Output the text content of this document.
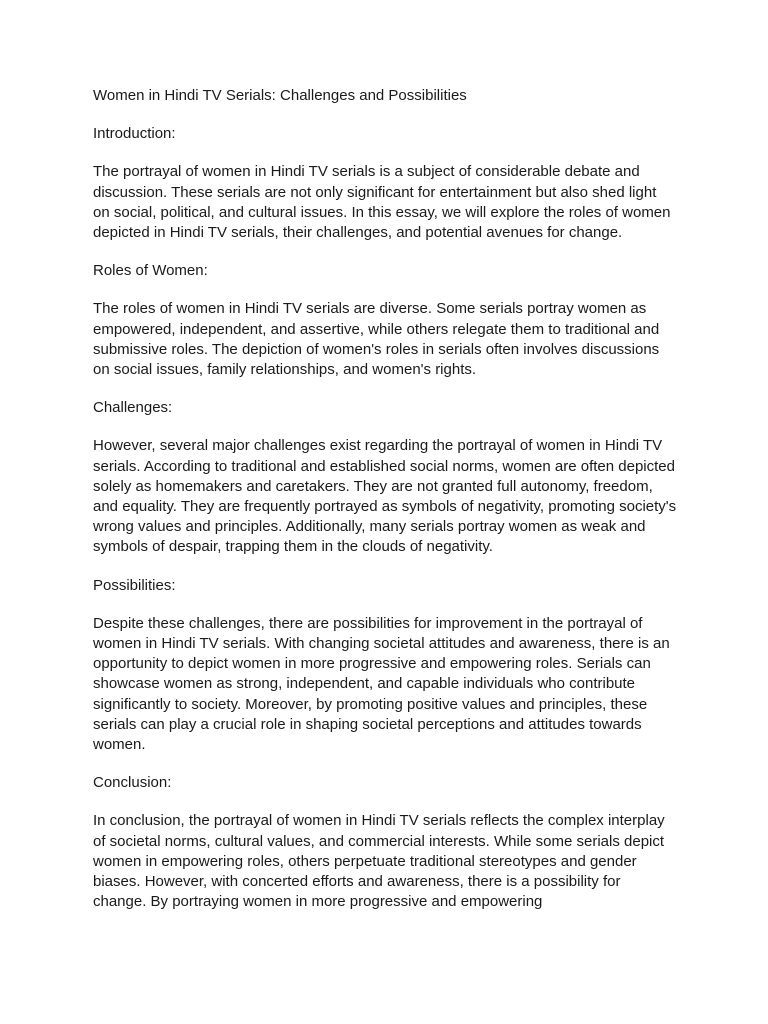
Women in Hindi TV Serials: Challenges and Possibilities

Introduction:

The portrayal of women in Hindi TV serials is a subject of considerable debate and discussion. These serials are not only significant for entertainment but also shed light on social, political, and cultural issues. In this essay, we will explore the roles of women depicted in Hindi TV serials, their challenges, and potential avenues for change.

Roles of Women:

The roles of women in Hindi TV serials are diverse. Some serials portray women as empowered, independent, and assertive, while others relegate them to traditional and submissive roles. The depiction of women's roles in serials often involves discussions on social issues, family relationships, and women's rights.

Challenges:

However, several major challenges exist regarding the portrayal of women in Hindi TV serials. According to traditional and established social norms, women are often depicted solely as homemakers and caretakers. They are not granted full autonomy, freedom, and equality. They are frequently portrayed as symbols of negativity, promoting society's wrong values and principles. Additionally, many serials portray women as weak and symbols of despair, trapping them in the clouds of negativity.

Possibilities:

Despite these challenges, there are possibilities for improvement in the portrayal of women in Hindi TV serials. With changing societal attitudes and awareness, there is an opportunity to depict women in more progressive and empowering roles. Serials can showcase women as strong, independent, and capable individuals who contribute significantly to society. Moreover, by promoting positive values and principles, these serials can play a crucial role in shaping societal perceptions and attitudes towards women.

Conclusion:

In conclusion, the portrayal of women in Hindi TV serials reflects the complex interplay of societal norms, cultural values, and commercial interests. While some serials depict women in empowering roles, others perpetuate traditional stereotypes and gender biases. However, with concerted efforts and awareness, there is a possibility for change. By portraying women in more progressive and empowering
